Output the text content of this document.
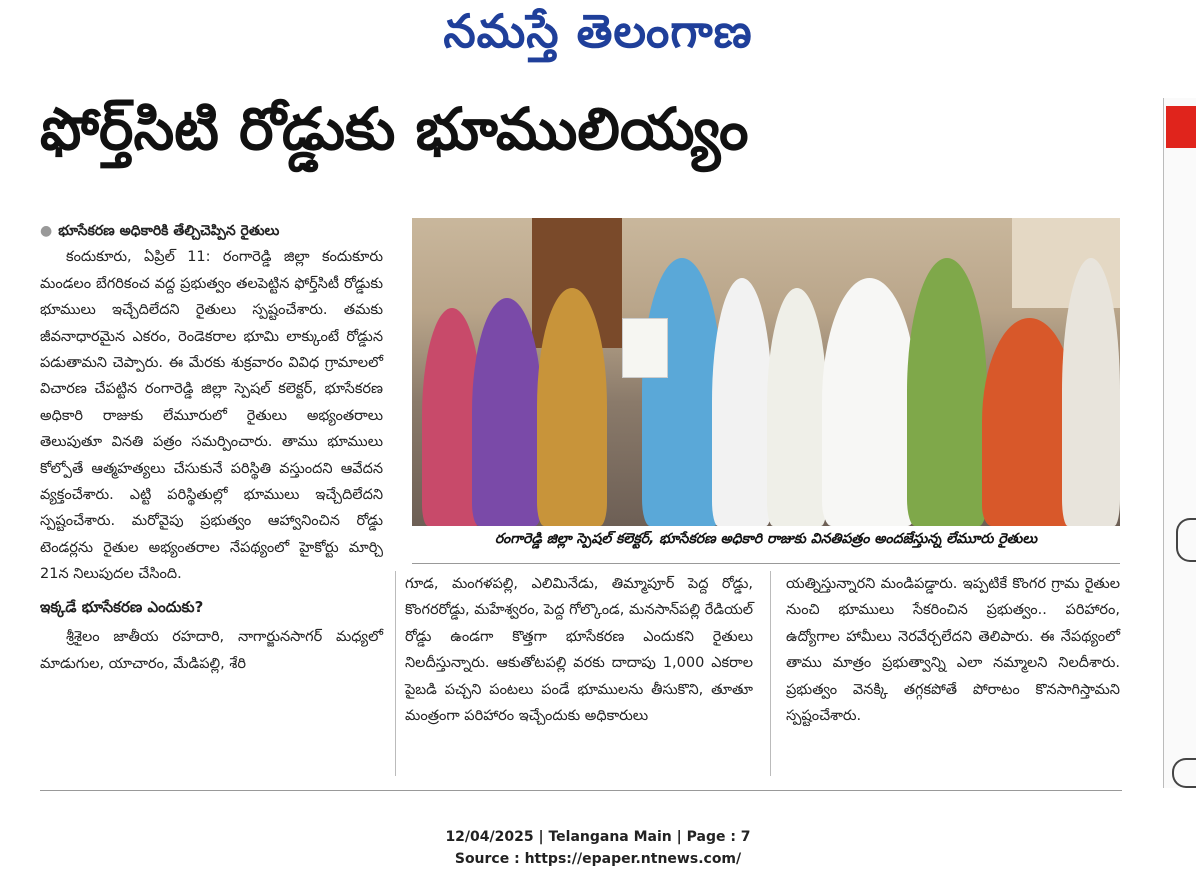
నమస్తే తెలంగాణ
ఫోర్త్‌సిటి రోడ్డుకు భూములియ్యం
● భూసేకరణ అధికారికి తేల్చిచెప్పిన రైతులు

కందుకూరు, ఏప్రిల్ 11: రంగారెడ్డి జిల్లా కందుకూరు మండలం బేగరికంచ వద్ద ప్రభుత్వం తలపెట్టిన ఫోర్త్‌సిటీ రోడ్డుకు భూములు ఇచ్చేదిలేదని రైతులు స్పష్టంచేశారు. తమకు జీవనాధారమైన ఎకరం, రెండెకరాల భూమి లాక్కుంటే రోడ్డున పడుతామని చెప్పారు. ఈ మేరకు శుక్రవారం వివిధ గ్రామాలలో విచారణ చేపట్టిన రంగారెడ్డి జిల్లా స్పెషల్ కలెక్టర్, భూసేకరణ అధికారి రాజుకు లేమూరులో రైతులు అభ్యంతరాలు తెలుపుతూ వినతి పత్రం సమర్పించారు. తాము భూములు కోల్పోతే ఆత్మహత్యలు చేసుకునే పరిస్థితి వస్తుందని ఆవేదన వ్యక్తంచేశారు. ఎట్టి పరిస్థితుల్లో భూములు ఇచ్చేదిలేదని స్పష్టంచేశారు. మరోవైపు ప్రభుత్వం ఆహ్వానించిన రోడ్డు టెండర్లను రైతుల అభ్యంతరాల నేపథ్యంలో హైకోర్టు మార్చి 21న నిలుపుదల చేసింది.

ఇక్కడే భూసేకరణ ఎందుకు?

శ్రీశైలం జాతీయ రహదారి, నాగార్జునసాగర్ మధ్యలో మాడుగుల, యాచారం, మేడిపల్లి, శేరి

రంగారెడ్డి జిల్లా స్పెషల్ కలెక్టర్, భూసేకరణ అధికారి రాజుకు వినతిపత్రం అందజేస్తున్న లేమూరు రైతులు
గూడ, మంగళపల్లి, ఎలిమినేడు, తిమ్మాపూర్ పెద్ద రోడ్డు, కొంగరరోడ్డు, మహేశ్వరం, పెద్ద గోల్కొండ, మనసాన్‌పల్లి రేడియల్ రోడ్డు ఉండగా కొత్తగా భూసేకరణ ఎందుకని రైతులు నిలదీస్తున్నారు. ఆకుతోటపల్లి వరకు దాదాపు 1,000 ఎకరాల పైబడి పచ్చని పంటలు పండే భూములను తీసుకొని, తూతూ మంత్రంగా పరిహారం ఇచ్చేందుకు అధికారులు
యత్నిస్తున్నారని మండిపడ్డారు. ఇప్పటికే కొంగర గ్రామ రైతుల నుంచి భూములు సేకరించిన ప్రభుత్వం.. పరిహారం, ఉద్యోగాల హామీలు నెరవేర్చలేదని తెలిపారు. ఈ నేపథ్యంలో తాము మాత్రం ప్రభుత్వాన్ని ఎలా నమ్మాలని నిలదీశారు. ప్రభుత్వం వెనక్కి తగ్గకపోతే పోరాటం కొనసాగిస్తామని స్పష్టంచేశారు.
12/04/2025 | Telangana Main | Page : 7
Source : https://epaper.ntnews.com/
